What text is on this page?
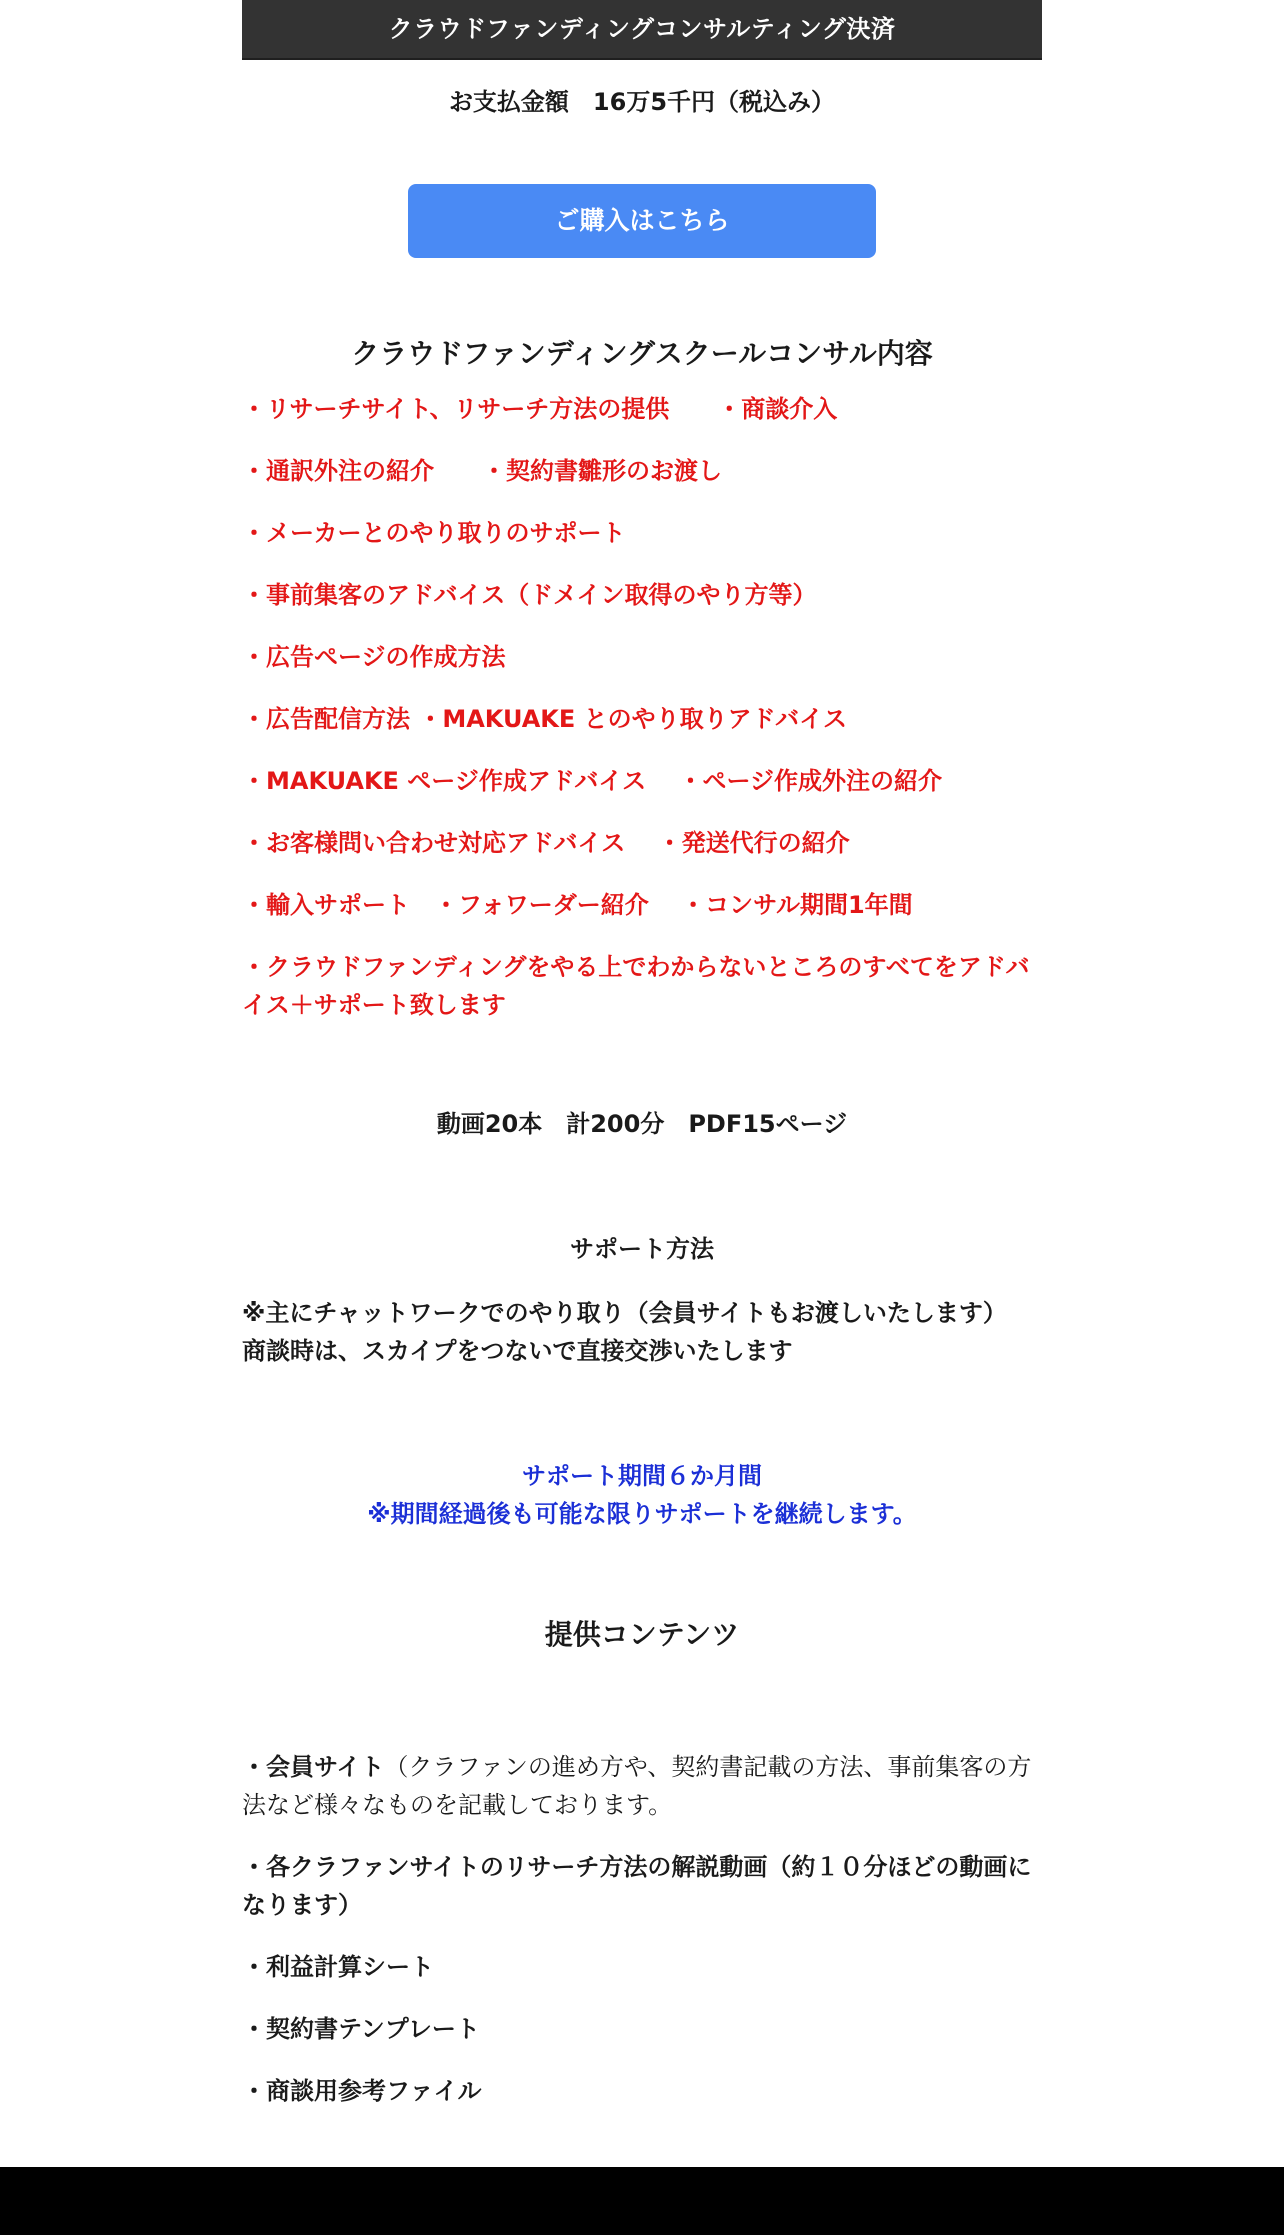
クラウドファンディングコンサルティング決済
お支払金額　16万5千円（税込み）
ご購入はこちら
クラウドファンディングスクールコンサル内容
・リサーチサイト、リサーチ方法の提供　　・商談介入
・通訳外注の紹介　　・契約書雛形のお渡し
・メーカーとのやり取りのサポート
・事前集客のアドバイス（ドメイン取得のやり方等）
・広告ページの作成方法
・広告配信方法 ・MAKUAKE とのやり取りアドバイス
・MAKUAKE ページ作成アドバイス　 ・ページ作成外注の紹介
・お客様問い合わせ対応アドバイス　 ・発送代行の紹介
・輸入サポート　・フォワーダー紹介　 ・コンサル期間1年間
・クラウドファンディングをやる上でわからないところのすべてをアドバイス＋サポート致します
動画20本　計200分　PDF15ページ
サポート方法
※主にチャットワークでのやり取り（会員サイトもお渡しいたします）
商談時は、スカイプをつないで直接交渉いたします
サポート期間６か月間
※期間経過後も可能な限りサポートを継続します。
提供コンテンツ
・会員サイト（クラファンの進め方や、契約書記載の方法、事前集客の方法など様々なものを記載しております。
・各クラファンサイトのリサーチ方法の解説動画（約１０分ほどの動画になります）
・利益計算シート
・契約書テンプレート
・商談用参考ファイル
